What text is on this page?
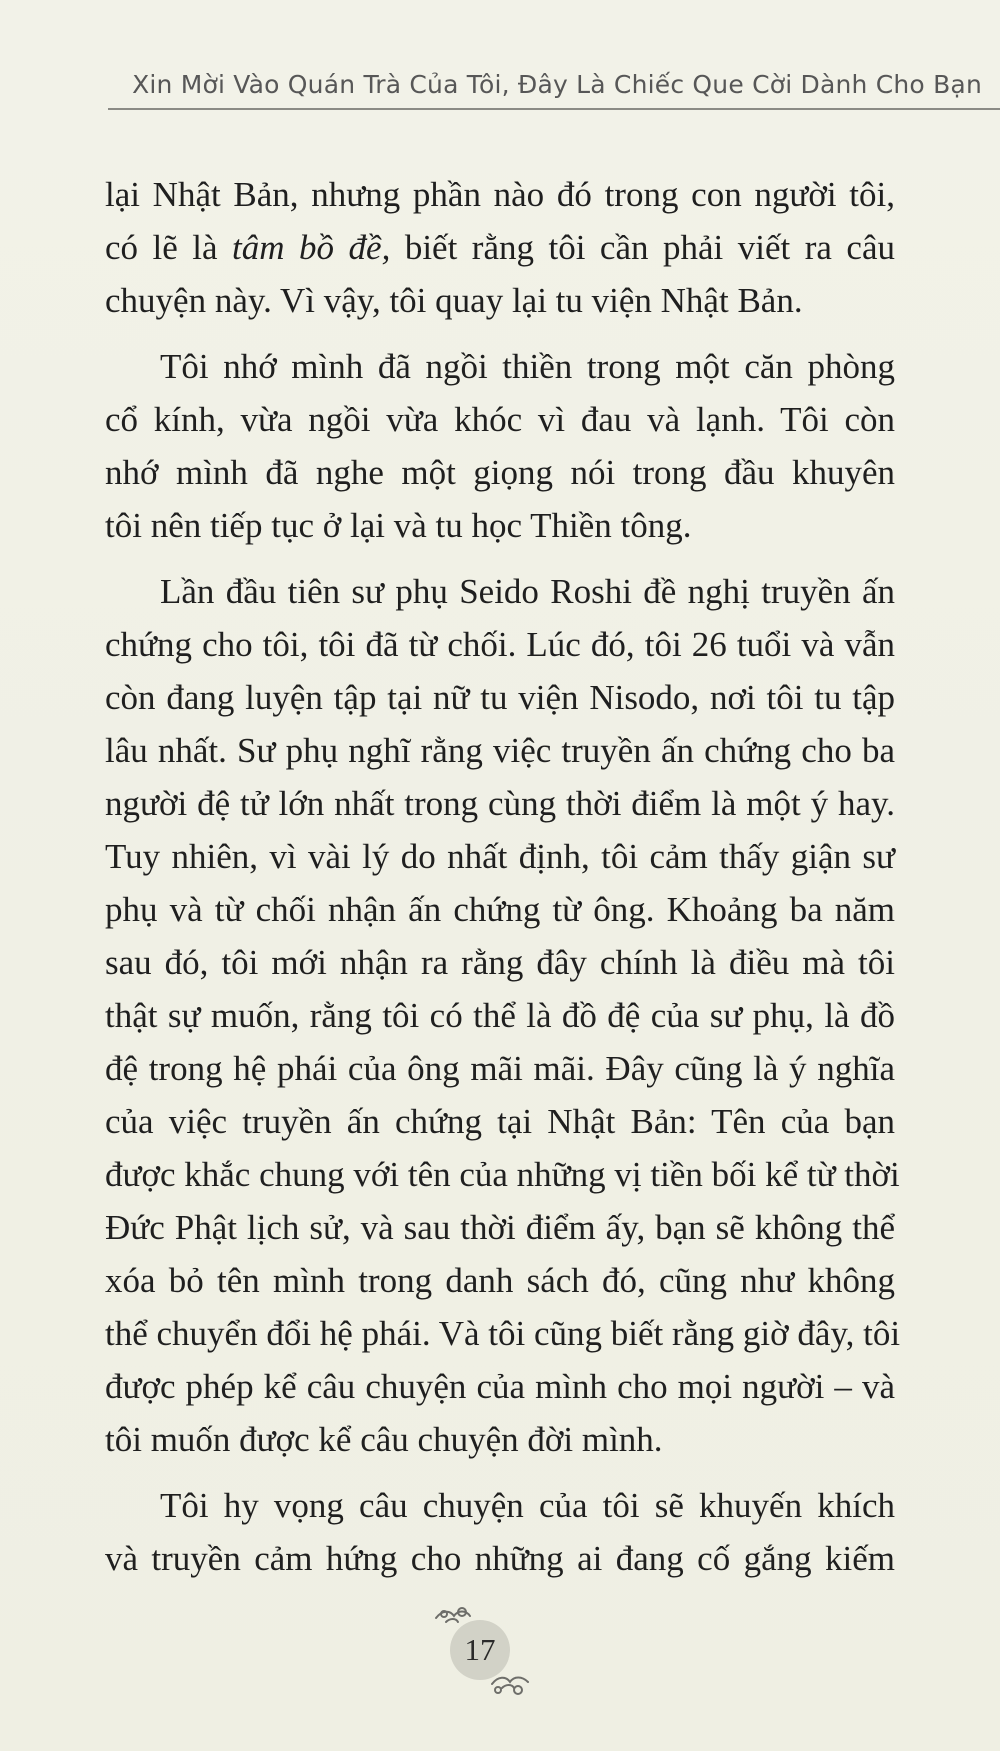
Xin Mời Vào Quán Trà Của Tôi, Đây Là Chiếc Que Cời Dành Cho Bạn
lại Nhật Bản, nhưng phần nào đó trong con người tôi,
có lẽ là tâm bồ đề, biết rằng tôi cần phải viết ra câu
chuyện này. Vì vậy, tôi quay lại tu viện Nhật Bản.
Tôi nhớ mình đã ngồi thiền trong một căn phòng
cổ kính, vừa ngồi vừa khóc vì đau và lạnh. Tôi còn
nhớ mình đã nghe một giọng nói trong đầu khuyên
tôi nên tiếp tục ở lại và tu học Thiền tông.
Lần đầu tiên sư phụ Seido Roshi đề nghị truyền ấn
chứng cho tôi, tôi đã từ chối. Lúc đó, tôi 26 tuổi và vẫn
còn đang luyện tập tại nữ tu viện Nisodo, nơi tôi tu tập
lâu nhất. Sư phụ nghĩ rằng việc truyền ấn chứng cho ba
người đệ tử lớn nhất trong cùng thời điểm là một ý hay.
Tuy nhiên, vì vài lý do nhất định, tôi cảm thấy giận sư
phụ và từ chối nhận ấn chứng từ ông. Khoảng ba năm
sau đó, tôi mới nhận ra rằng đây chính là điều mà tôi
thật sự muốn, rằng tôi có thể là đồ đệ của sư phụ, là đồ
đệ trong hệ phái của ông mãi mãi. Đây cũng là ý nghĩa
của việc truyền ấn chứng tại Nhật Bản: Tên của bạn
được khắc chung với tên của những vị tiền bối kể từ thời
Đức Phật lịch sử, và sau thời điểm ấy, bạn sẽ không thể
xóa bỏ tên mình trong danh sách đó, cũng như không
thể chuyển đổi hệ phái. Và tôi cũng biết rằng giờ đây, tôi
được phép kể câu chuyện của mình cho mọi người – và
tôi muốn được kể câu chuyện đời mình.
Tôi hy vọng câu chuyện của tôi sẽ khuyến khích
và truyền cảm hứng cho những ai đang cố gắng kiếm
17
